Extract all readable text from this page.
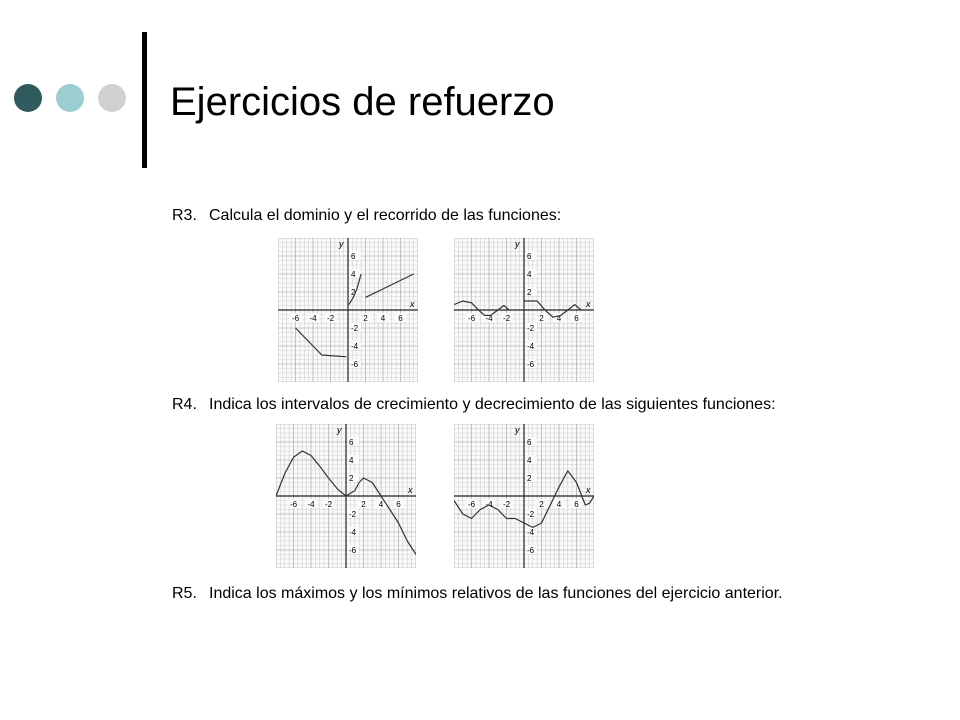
Ejercicios de refuerzo
R3. Calcula el dominio y el recorrido de las funciones:
R4. Indica los intervalos de crecimiento y decrecimiento de las siguientes funciones:
R5. Indica los máximos y los mínimos relativos de las funciones del ejercicio anterior.
x
y
-6 -4 -2	2 4 6
6
4
2
-2
-4
-6
x
y
-6 -4 -2	2 4 6
6
4
2
-2
-4
-6
x
y
-6 -4 -2	2 4 6
6
4
2
-2
-4
-6
x
y
-6 -4 -2	2 4 6
6
4
2
-2
-4
-6
